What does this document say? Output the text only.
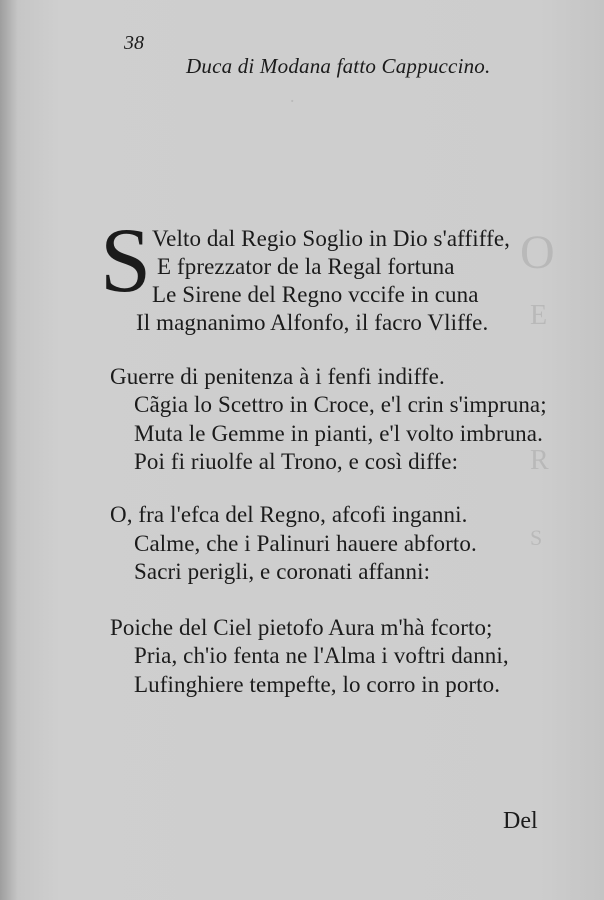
O
E
R
S
.
38
Duca di Modana fatto Cappuccino.
S Velto dal Regio Soglio in Dio s'affiffe,
E fprezzator de la Regal fortuna
Le Sirene del Regno vccife in cuna
Il magnanimo Alfonfo, il facro Vliffe.
Guerre di penitenza à i fenfi indiffe.
Cãgia lo Scettro in Croce, e'l crin s'impruna;
Muta le Gemme in pianti, e'l volto imbruna.
Poi fi riuolfe al Trono, e così diffe:
O, fra l'efca del Regno, afcofi inganni.
Calme, che i Palinuri hauere abforto.
Sacri perigli, e coronati affanni:
Poiche del Ciel pietofo Aura m'hà fcorto;
Pria, ch'io fenta ne l'Alma i voftri danni,
Lufinghiere tempefte, lo corro in porto.
Del
